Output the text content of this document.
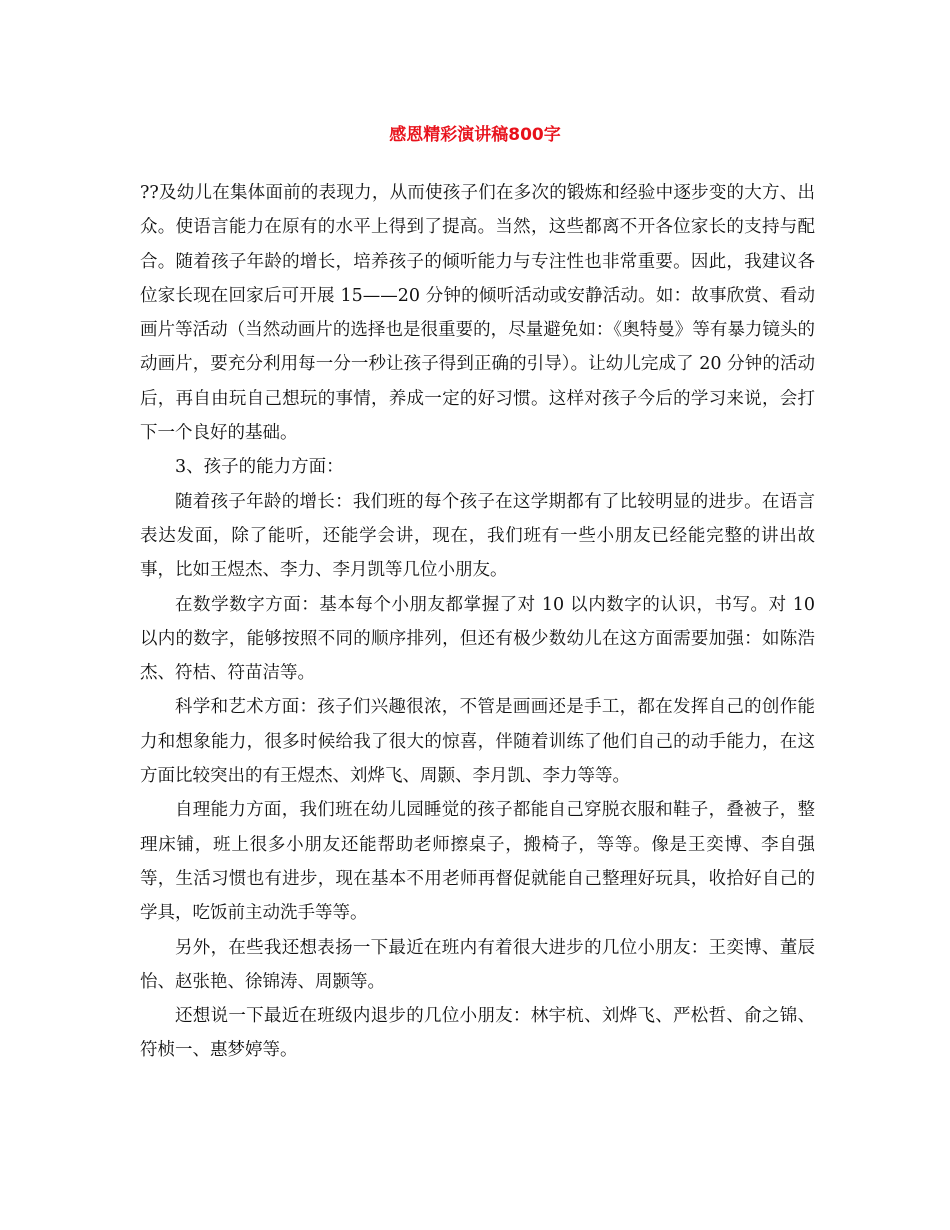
感恩精彩演讲稿800字

??及幼儿在集体面前的表现力，从而使孩子们在多次的锻炼和经验中逐步变的大方、出众。使语言能力在原有的水平上得到了提高。当然，这些都离不开各位家长的支持与配合。随着孩子年龄的增长，培养孩子的倾听能力与专注性也非常重要。因此，我建议各位家长现在回家后可开展 15——20 分钟的倾听活动或安静活动。如：故事欣赏、看动画片等活动（当然动画片的选择也是很重要的，尽量避免如：《奥特曼》等有暴力镜头的动画片，要充分利用每一分一秒让孩子得到正确的引导）。让幼儿完成了 20 分钟的活动后，再自由玩自己想玩的事情，养成一定的好习惯。这样对孩子今后的学习来说，会打下一个良好的基础。

3、孩子的能力方面：

随着孩子年龄的增长：我们班的每个孩子在这学期都有了比较明显的进步。在语言表达发面，除了能听，还能学会讲，现在，我们班有一些小朋友已经能完整的讲出故事，比如王煜杰、李力、李月凯等几位小朋友。

在数学数字方面：基本每个小朋友都掌握了对 10 以内数字的认识，书写。对 10 以内的数字，能够按照不同的顺序排列，但还有极少数幼儿在这方面需要加强：如陈浩杰、符桔、符苗洁等。

科学和艺术方面：孩子们兴趣很浓，不管是画画还是手工，都在发挥自己的创作能力和想象能力，很多时候给我了很大的惊喜，伴随着训练了他们自己的动手能力，在这方面比较突出的有王煜杰、刘烨飞、周颢、李月凯、李力等等。

自理能力方面，我们班在幼儿园睡觉的孩子都能自己穿脱衣服和鞋子，叠被子，整理床铺，班上很多小朋友还能帮助老师擦桌子，搬椅子，等等。像是王奕博、李自强等，生活习惯也有进步，现在基本不用老师再督促就能自己整理好玩具，收拾好自己的学具，吃饭前主动洗手等等。

另外，在些我还想表扬一下最近在班内有着很大进步的几位小朋友：王奕博、董辰怡、赵张艳、徐锦涛、周颢等。

还想说一下最近在班级内退步的几位小朋友：林宇杭、刘烨飞、严松哲、俞之锦、符桢一、惠梦婷等。
